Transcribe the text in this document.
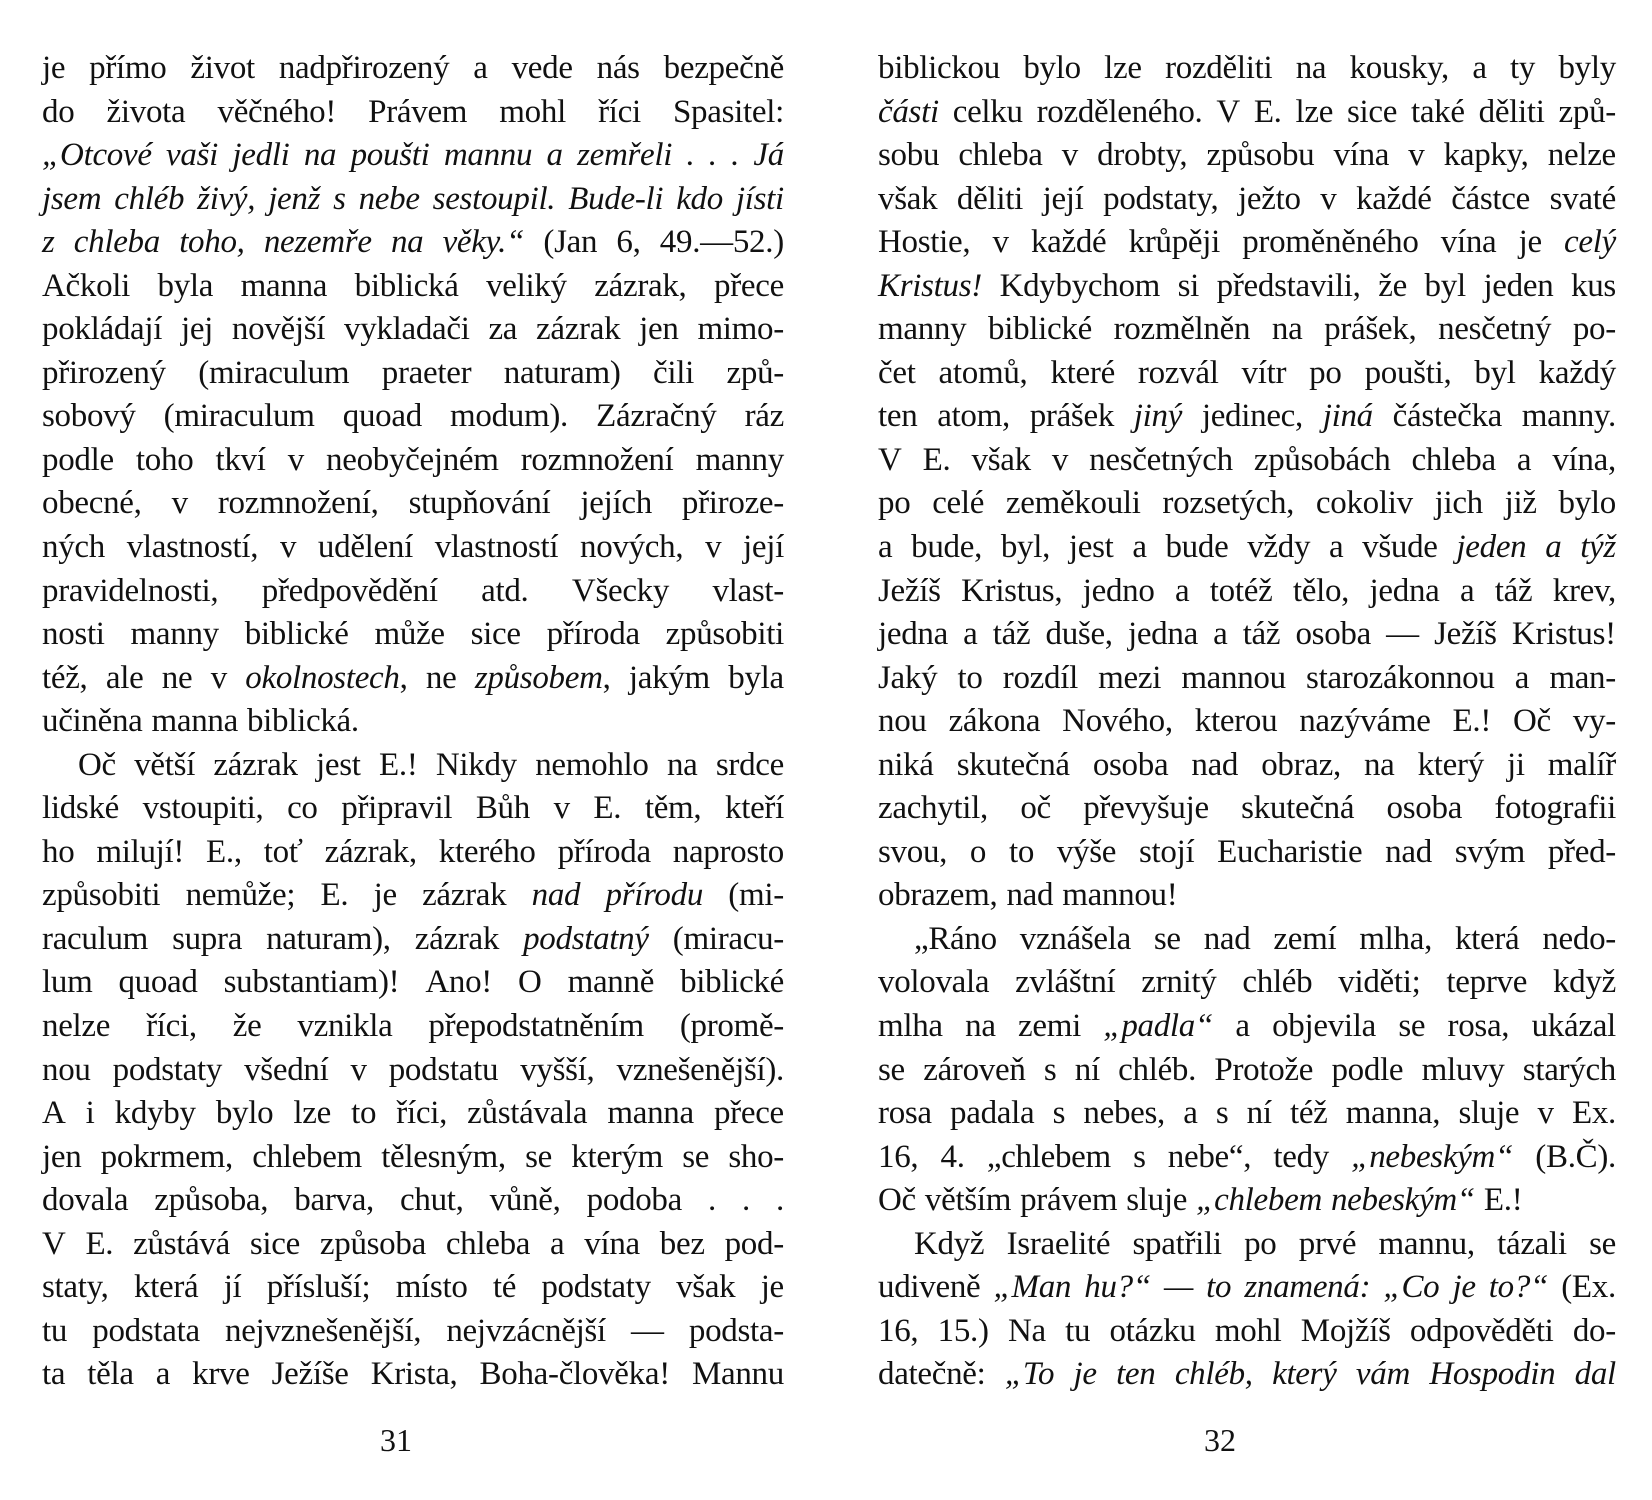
je přímo život nadpřirozený a vede nás bezpečně
do života věčného! Právem mohl říci Spasitel:
„Otcové vaši jedli na poušti mannu a zemřeli . . . Já
jsem chléb živý, jenž s nebe sestoupil. Bude-li kdo jísti
z chleba toho, nezemře na věky.“ (Jan 6, 49.—52.)
Ačkoli byla manna biblická veliký zázrak, přece
pokládají jej novější vykladači za zázrak jen mimo-
přirozený (miraculum praeter naturam) čili způ-
sobový (miraculum quoad modum). Zázračný ráz
podle toho tkví v neobyčejném rozmnožení manny
obecné, v rozmnožení, stupňování jejích přiroze-
ných vlastností, v udělení vlastností nových, v její
pravidelnosti, předpovědění atd. Všecky vlast-
nosti manny biblické může sice příroda způsobiti
též, ale ne v okolnostech, ne způsobem, jakým byla
učiněna manna biblická.
Oč větší zázrak jest E.! Nikdy nemohlo na srdce
lidské vstoupiti, co připravil Bůh v E. těm, kteří
ho milují! E., toť zázrak, kterého příroda naprosto
způsobiti nemůže; E. je zázrak nad přírodu (mi-
raculum supra naturam), zázrak podstatný (miracu-
lum quoad substantiam)! Ano! O manně biblické
nelze říci, že vznikla přepodstatněním (promě-
nou podstaty všední v podstatu vyšší, vznešenější).
A i kdyby bylo lze to říci, zůstávala manna přece
jen pokrmem, chlebem tělesným, se kterým se sho-
dovala způsoba, barva, chut, vůně, podoba . . .
V E. zůstává sice způsoba chleba a vína bez pod-
staty, která jí přísluší; místo té podstaty však je
tu podstata nejvznešenější, nejvzácnější — podsta-
ta těla a krve Ježíše Krista, Boha-člověka! Mannu
biblickou bylo lze rozděliti na kousky, a ty byly
části celku rozděleného. V E. lze sice také děliti způ-
sobu chleba v drobty, způsobu vína v kapky, nelze
však děliti její podstaty, ježto v každé částce svaté
Hostie, v každé krůpěji proměněného vína je celý
Kristus! Kdybychom si představili, že byl jeden kus
manny biblické rozmělněn na prášek, nesčetný po-
čet atomů, které rozvál vítr po poušti, byl každý
ten atom, prášek jiný jedinec, jiná částečka manny.
V E. však v nesčetných způsobách chleba a vína,
po celé zeměkouli rozsetých, cokoliv jich již bylo
a bude, byl, jest a bude vždy a všude jeden a týž
Ježíš Kristus, jedno a totéž tělo, jedna a táž krev,
jedna a táž duše, jedna a táž osoba — Ježíš Kristus!
Jaký to rozdíl mezi mannou starozákonnou a man-
nou zákona Nového, kterou nazýváme E.! Oč vy-
niká skutečná osoba nad obraz, na který ji malíř
zachytil, oč převyšuje skutečná osoba fotografii
svou, o to výše stojí Eucharistie nad svým před-
obrazem, nad mannou!
„Ráno vznášela se nad zemí mlha, která nedo-
volovala zvláštní zrnitý chléb viděti; teprve když
mlha na zemi „padla“ a objevila se rosa, ukázal
se zároveň s ní chléb. Protože podle mluvy starých
rosa padala s nebes, a s ní též manna, sluje v Ex.
16, 4. „chlebem s nebe“, tedy „nebeským“ (B.Č).
Oč větším právem sluje „chlebem nebeským“ E.!
Když Israelité spatřili po prvé mannu, tázali se
udiveně „Man hu?“ — to znamená: „Co je to?“ (Ex.
16, 15.) Na tu otázku mohl Mojžíš odpověděti do-
datečně: „To je ten chléb, který vám Hospodin dal
31	32
